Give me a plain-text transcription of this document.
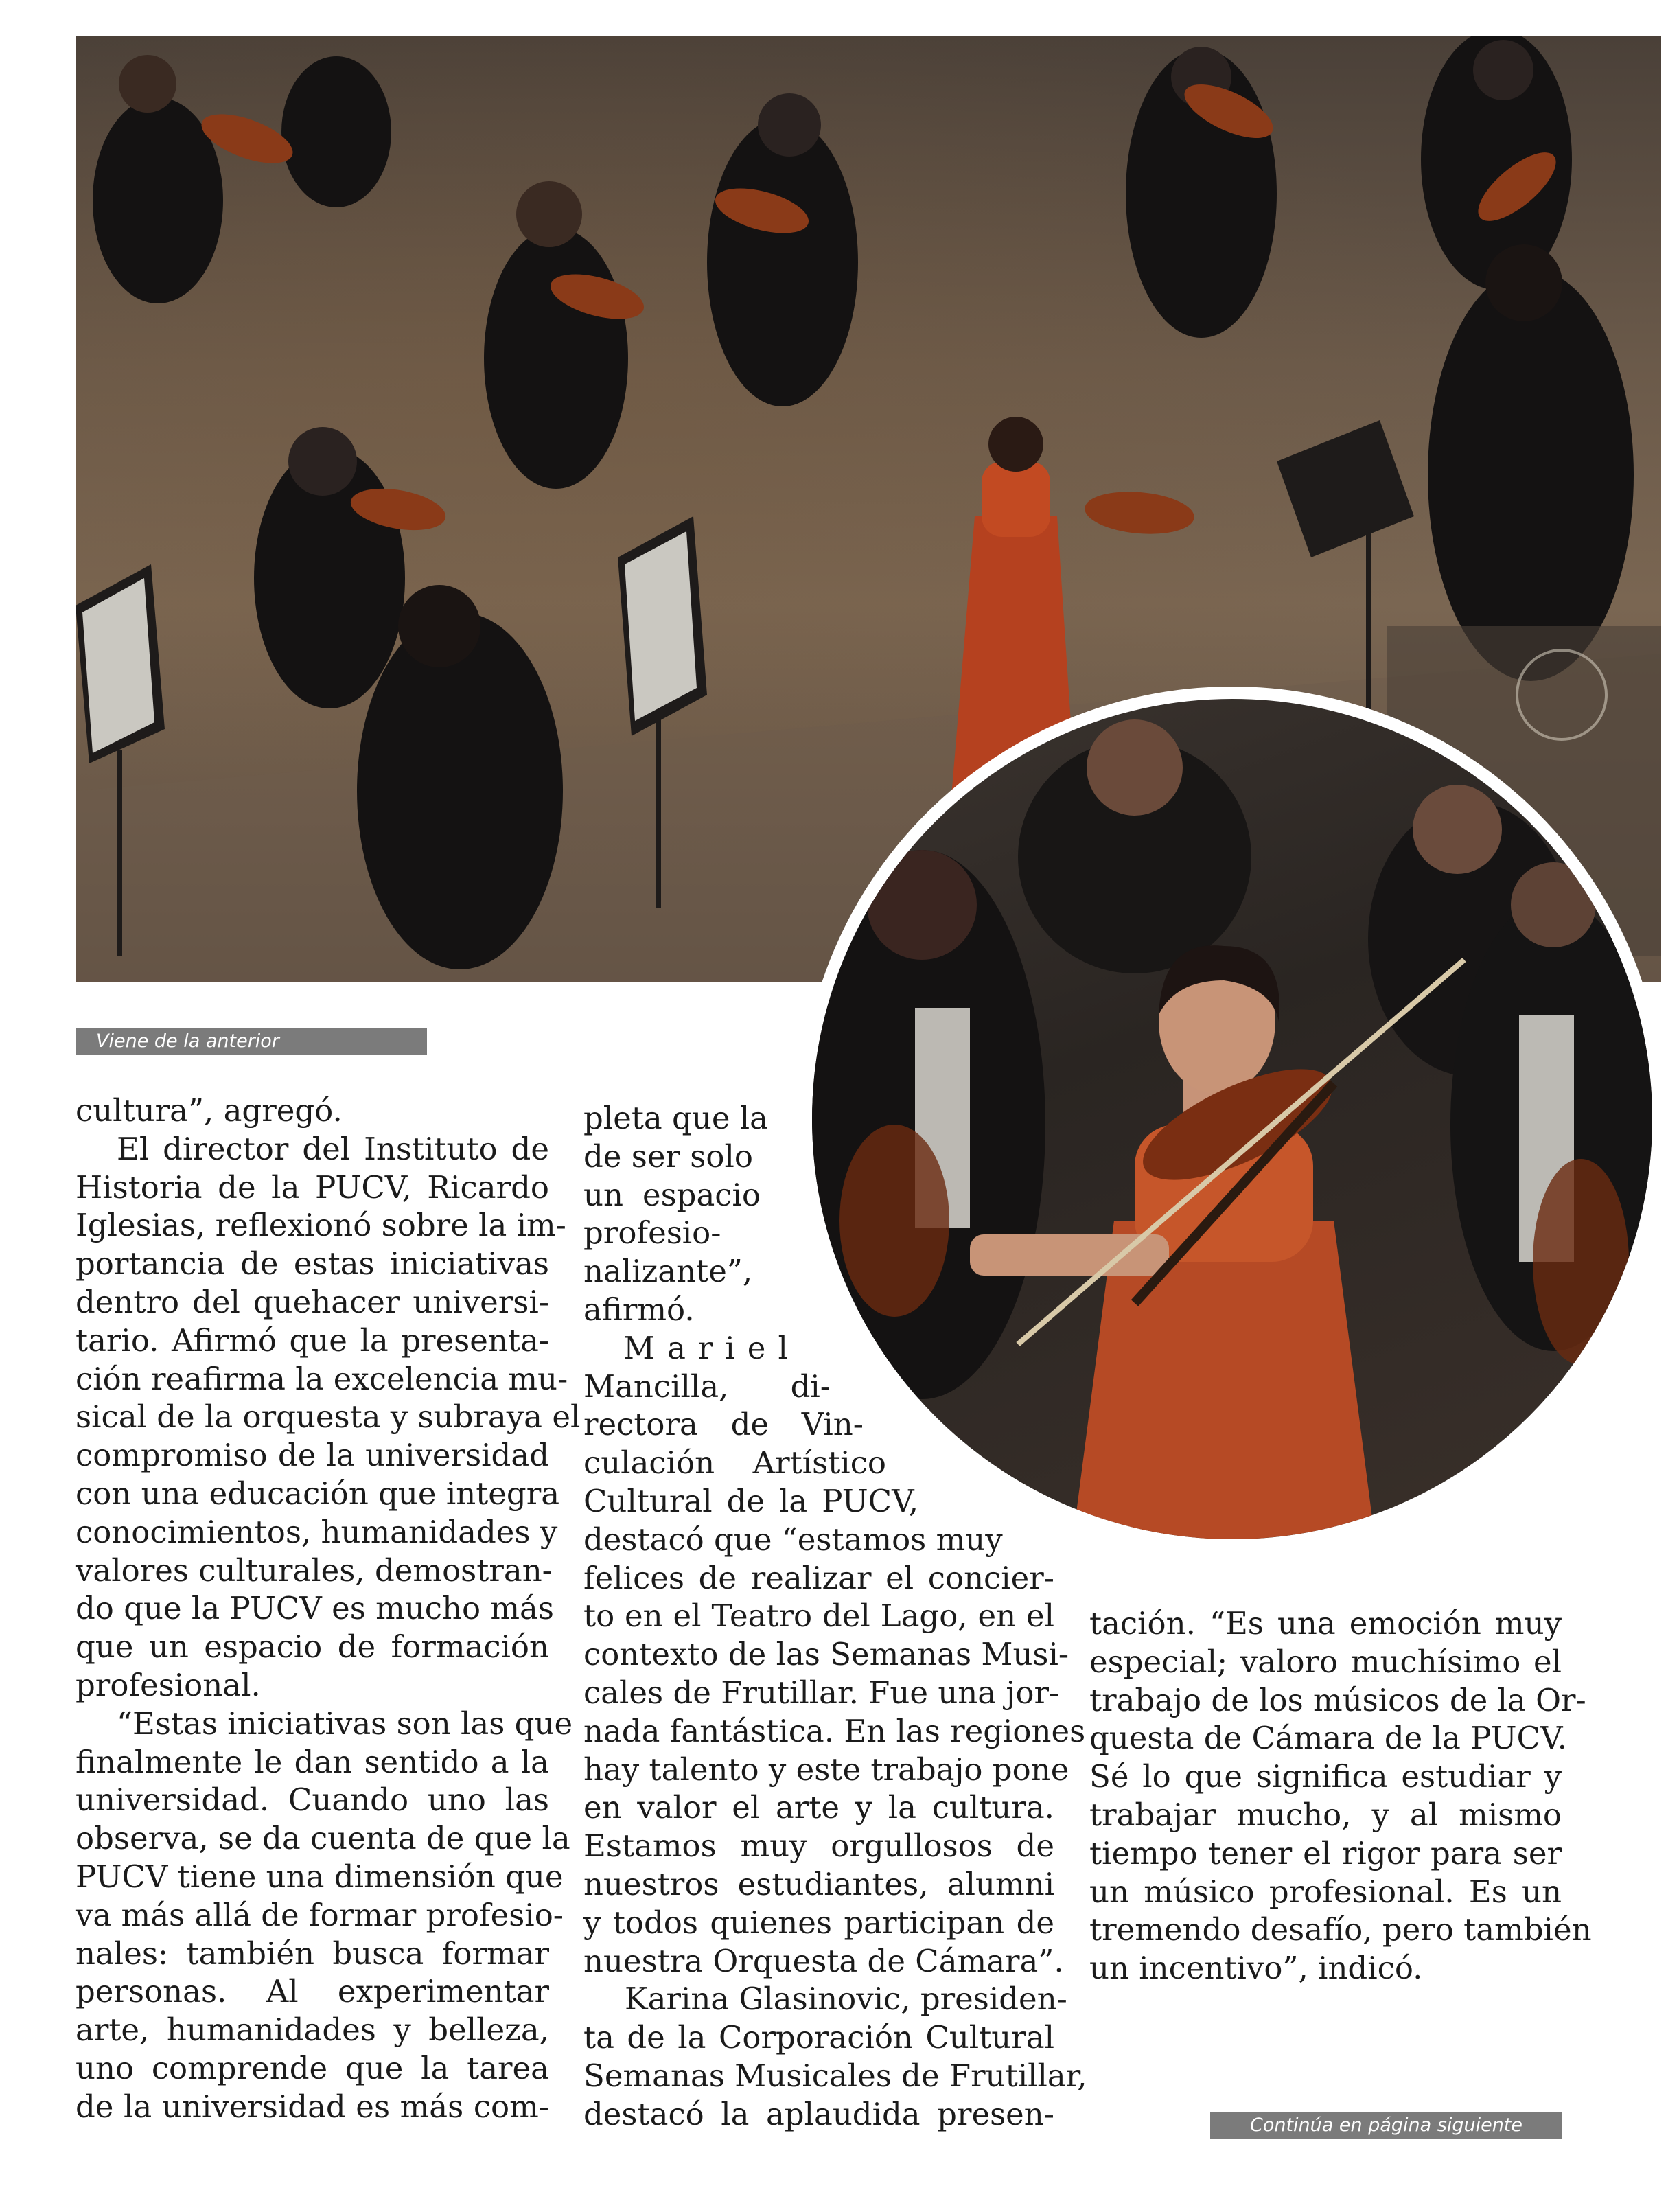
Viene de la anterior
cultura”, agregó.
El director del Instituto de
Historia de la PUCV, Ricardo
Iglesias, reflexionó sobre la im-
portancia de estas iniciativas
dentro del quehacer universi-
tario. Afirmó que la presenta-
ción reafirma la excelencia mu-
sical de la orquesta y subraya el
compromiso de la universidad
con una educación que integra
conocimientos, humanidades y
valores culturales, demostran-
do que la PUCV es mucho más
que un espacio de formación
profesional.
“Estas iniciativas son las que
finalmente le dan sentido a la
universidad. Cuando uno las
observa, se da cuenta de que la
PUCV tiene una dimensión que
va más allá de formar profesio-
nales: también busca formar
personas. Al experimentar
arte, humanidades y belleza,
uno comprende que la tarea
de la universidad es más com-
pleta que la
de ser solo
un espacio
profesio-
nalizante”,
afirmó.
Mariel
Mancilla, di-
rectora de Vin-
culación Artístico
Cultural de la PUCV,
destacó que “estamos muy
felices de realizar el concier-
to en el Teatro del Lago, en el
contexto de las Semanas Musi-
cales de Frutillar. Fue una jor-
nada fantástica. En las regiones
hay talento y este trabajo pone
en valor el arte y la cultura.
Estamos muy orgullosos de
nuestros estudiantes, alumni
y todos quienes participan de
nuestra Orquesta de Cámara”.
Karina Glasinovic, presiden-
ta de la Corporación Cultural
Semanas Musicales de Frutillar,
destacó la aplaudida presen-
tación. “Es una emoción muy
especial; valoro muchísimo el
trabajo de los músicos de la Or-
questa de Cámara de la PUCV.
Sé lo que significa estudiar y
trabajar mucho, y al mismo
tiempo tener el rigor para ser
un músico profesional. Es un
tremendo desafío, pero también
un incentivo”, indicó.
Continúa en página siguiente
